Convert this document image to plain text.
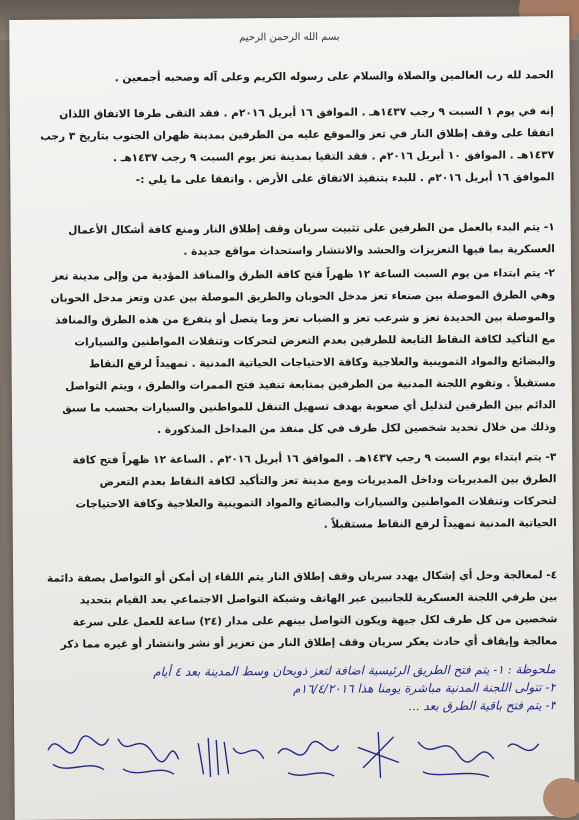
بسم الله الرحمن الرحيم
الحمد لله رب العالمين والصلاة والسلام على رسوله الكريم وعلى آله وصحبه أجمعين .
إنه في يوم ١ السبت ٩ رجب ١٤٣٧هـ . الموافق ١٦ أبريل ٢٠١٦م . فقد التقى طرفا الاتفاق اللذان
اتفقا على وقف إطلاق النار في تعز والموقع عليه من الطرفين بمدينة ظهران الجنوب بتاريخ ٣ رجب
١٤٣٧هـ . الموافق ١٠ أبريل ٢٠١٦م . فقد التقيا بمدينة تعز يوم السبت ٩ رجب ١٤٣٧هـ .
الموافق ١٦ أبريل ٢٠١٦م . للبدء بتنفيذ الاتفاق على الأرض . واتفقا على ما يلي :-
١- يتم البدء بالعمل من الطرفين على تثبيت سريان وقف إطلاق النار ومنع كافة أشكال الأعمال
العسكرية بما فيها التعزيزات والحشد والانتشار واستحداث مواقع جديدة .
٢- يتم ابتداء من يوم السبت الساعة ١٢ ظهراً فتح كافة الطرق والمنافذ المؤدية من وإلى مدينة تعز
وهي الطرق الموصلة بين صنعاء تعز مدخل الحوبان والطريق الموصلة بين عدن وتعز مدخل الحوبان
والموصلة بين الحديدة تعز و شرعب تعز و الضباب تعز وما يتصل أو يتفرع من هذه الطرق والمنافذ
مع التأكيد لكافة النقاط التابعة للطرفين بعدم التعرض لتحركات وتنقلات المواطنين والسيارات
والبضائع والمواد التموينية والعلاجية وكافة الاحتياجات الحياتية المدنية . تمهيداً لرفع النقاط
مستقبلاً . وتقوم اللجنة المدنية من الطرفين بمتابعة تنفيذ فتح الممرات والطرق ، ويتم التواصل
الدائم بين الطرفين لتذليل أي صعوبة بهدف تسهيل التنقل للمواطنين والسيارات بحسب ما سبق
وذلك من خلال تحديد شخصين لكل طرف في كل منفذ من المداخل المذكورة .
٣- يتم ابتداء يوم السبت ٩ رجب ١٤٣٧هـ . الموافق ١٦ أبريل ٢٠١٦م . الساعة ١٢ ظهراً فتح كافة
الطرق بين المديريات وداخل المديريات ومع مدينة تعز والتأكيد لكافة النقاط بعدم التعرض
لتحركات وتنقلات المواطنين والسيارات والبضائع والمواد التموينية والعلاجية وكافة الاحتياجات
الحياتية المدنية تمهيداً لرفع النقاط مستقبلاً .
٤- لمعالجة وحل أي إشكال يهدد سريان وقف إطلاق النار يتم اللقاء إن أمكن أو التواصل بصفة دائمة
بين طرفي اللجنة العسكرية للجانبين عبر الهاتف وشبكة التواصل الاجتماعي بعد القيام بتحديد
شخصين من كل طرف لكل جبهة ويكون التواصل بينهم على مدار (٢٤) ساعة للعمل على سرعة
معالجة وإيقاف أي حادث يعكر سريان وقف إطلاق النار من تعزيز أو نشر وانتشار أو غيره مما ذكر
ملحوظة : ١- يتم فتح الطريق الرئيسية اضافة لتعز ذوبحان وسط المدينة بعد ٤ أيام
٢- تتولى اللجنة المدنية مباشرة يومنا هذا ١٦/٤/٢٠١٦م
٣- يتم فتح باقية الطرق بعد ...
